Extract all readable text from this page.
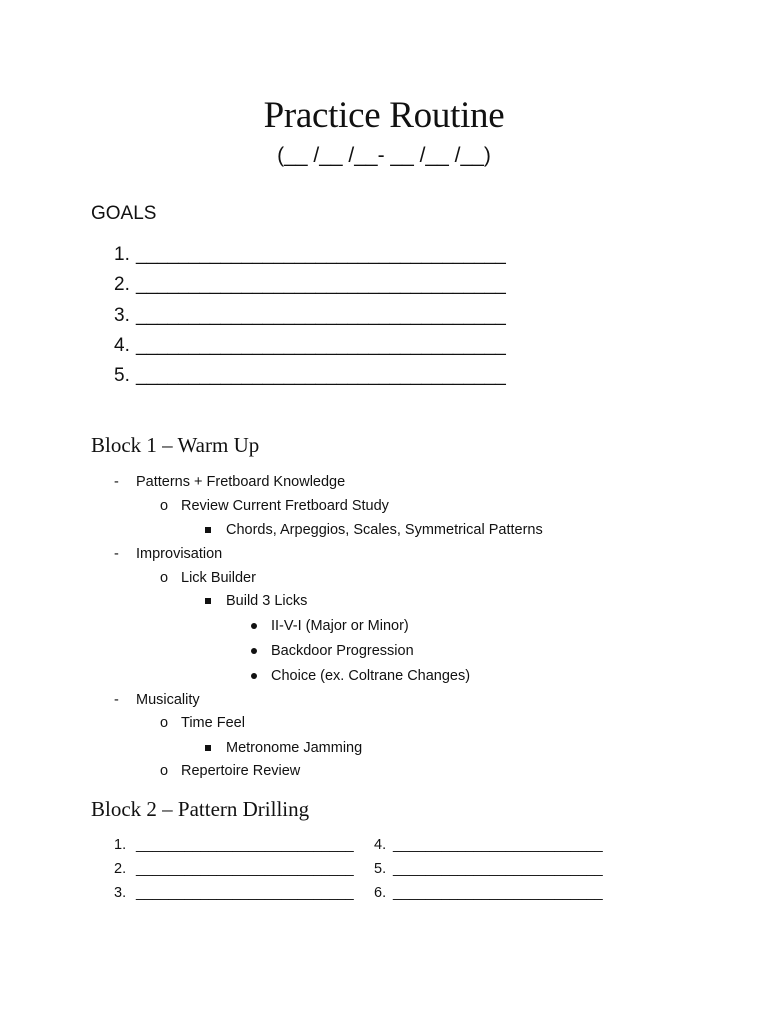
Practice Routine
(__ /__ /__- __ /__ /__)
GOALS
1. ___________________________________
2. ___________________________________
3. ___________________________________
4. ___________________________________
5. ___________________________________
Block 1 – Warm Up
- Patterns + Fretboard Knowledge
o Review Current Fretboard Study
Chords, Arpeggios, Scales, Symmetrical Patterns
- Improvisation
o Lick Builder
Build 3 Licks
II-V-I (Major or Minor)
Backdoor Progression
Choice (ex. Coltrane Changes)
- Musicality
o Time Feel
Metronome Jamming
o Repertoire Review
Block 2 – Pattern Drilling
1. ___________________________ 4. __________________________
2. ___________________________ 5. __________________________
3. ___________________________ 6. __________________________
